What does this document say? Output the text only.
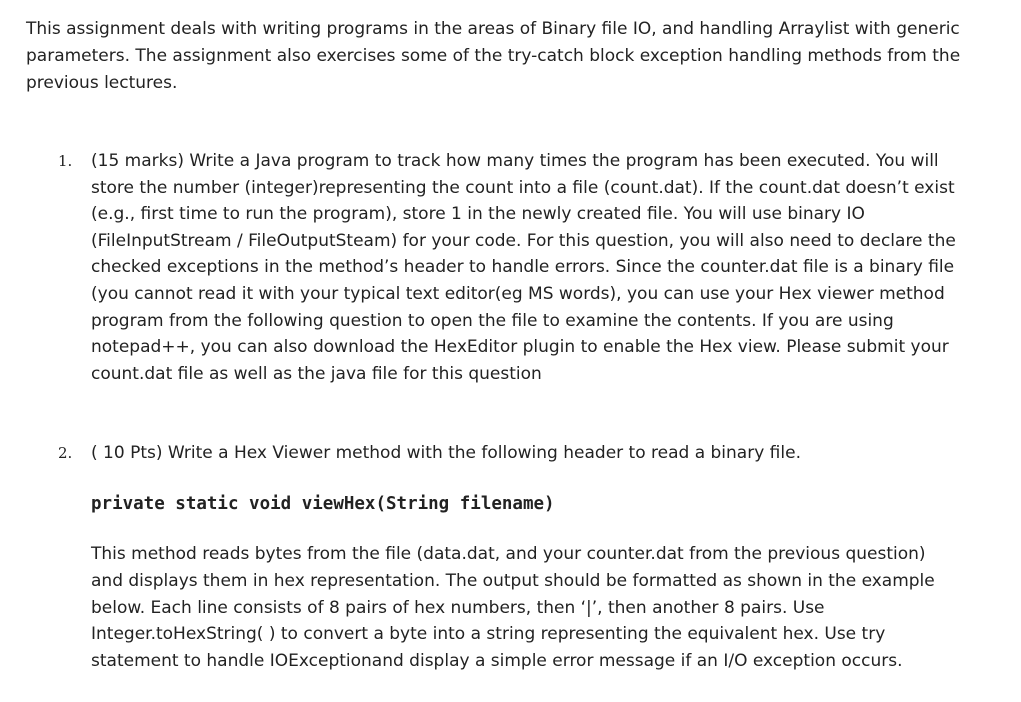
This assignment deals with writing programs in the areas of Binary file IO, and handling Arraylist with generic
parameters. The assignment also exercises some of the try-catch block exception handling methods from the
previous lectures.

1. (15 marks) Write a Java program to track how many times the program has been executed. You will
store the number (integer)representing the count into a file (count.dat). If the count.dat doesn’t exist
(e.g., first time to run the program), store 1 in the newly created file. You will use binary IO
(FileInputStream / FileOutputSteam) for your code. For this question, you will also need to declare the
checked exceptions in the method’s header to handle errors. Since the counter.dat file is a binary file
(you cannot read it with your typical text editor(eg MS words), you can use your Hex viewer method
program from the following question to open the file to examine the contents. If you are using
notepad++, you can also download the HexEditor plugin to enable the Hex view. Please submit your
count.dat file as well as the java file for this question

2. ( 10 Pts) Write a Hex Viewer method with the following header to read a binary file.

private static void viewHex(String filename)

This method reads bytes from the file (data.dat, and your counter.dat from the previous question)
and displays them in hex representation. The output should be formatted as shown in the example
below. Each line consists of 8 pairs of hex numbers, then ‘|’, then another 8 pairs. Use
Integer.toHexString( ) to convert a byte into a string representing the equivalent hex. Use try
statement to handle IOExceptionand display a simple error message if an I/O exception occurs.
